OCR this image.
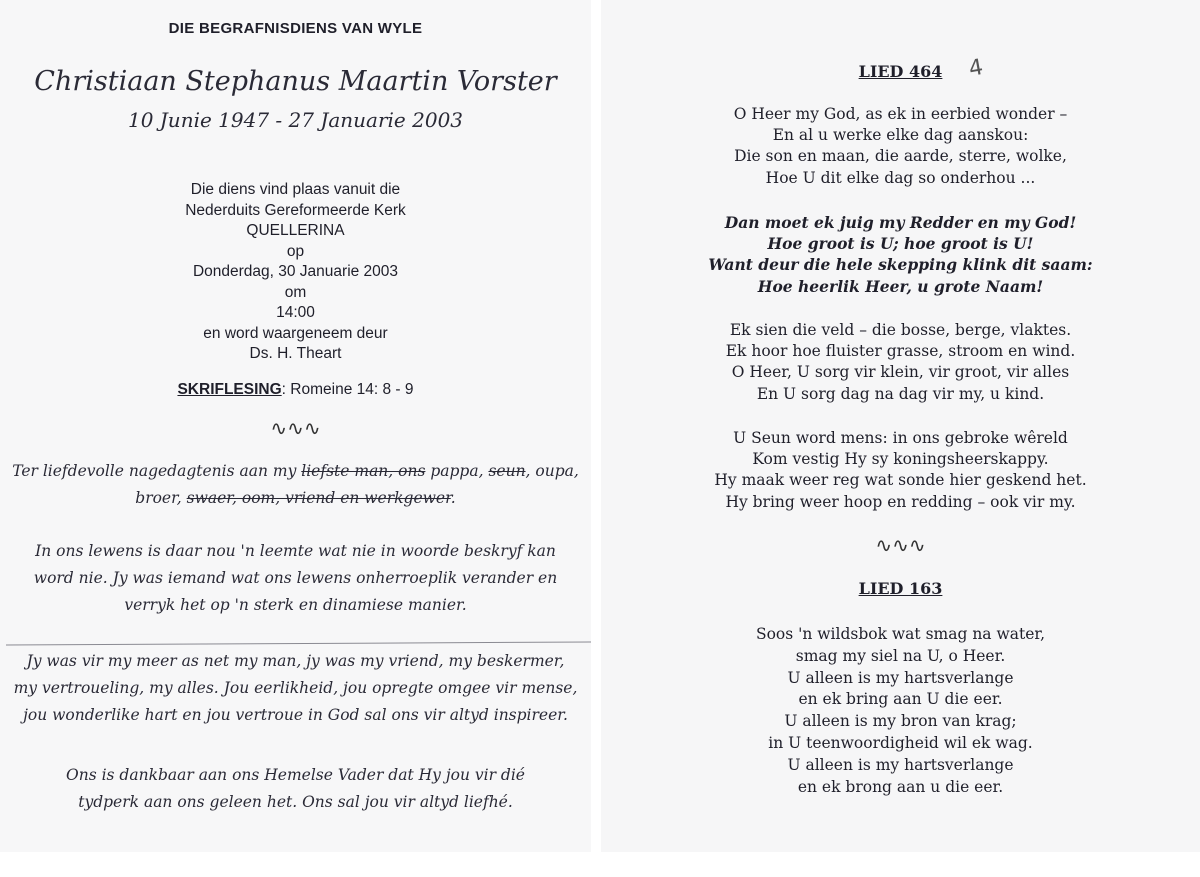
DIE BEGRAFNISDIENS VAN WYLE
Christiaan Stephanus Maartin Vorster
10 Junie 1947 - 27 Januarie 2003
Die diens vind plaas vanuit die
Nederduits Gereformeerde Kerk
QUELLERINA
op
Donderdag, 30 Januarie 2003
om
14:00
en word waargeneem deur
Ds. H. Theart
SKRIFLESING: Romeine 14: 8 - 9
∿∿∿
Ter liefdevolle nagedagtenis aan my liefste man, ons pappa, seun, oupa,
broer, swaer, oom, vriend en werkgewer.
In ons lewens is daar nou 'n leemte wat nie in woorde beskryf kan
word nie. Jy was iemand wat ons lewens onherroeplik verander en
verryk het op 'n sterk en dinamiese manier.
Jy was vir my meer as net my man, jy was my vriend, my beskermer,
my vertroueling, my alles. Jou eerlikheid, jou opregte omgee vir mense,
jou wonderlike hart en jou vertroue in God sal ons vir altyd inspireer.
Ons is dankbaar aan ons Hemelse Vader dat Hy jou vir dié
tydperk aan ons geleen het. Ons sal jou vir altyd liefhé.
LIED 464	4
O Heer my God, as ek in eerbied wonder –
En al u werke elke dag aanskou:
Die son en maan, die aarde, sterre, wolke,
Hoe U dit elke dag so onderhou ...
Dan moet ek juig my Redder en my God!
Hoe groot is U; hoe groot is U!
Want deur die hele skepping klink dit saam:
Hoe heerlik Heer, u grote Naam!
Ek sien die veld – die bosse, berge, vlaktes.
Ek hoor hoe fluister grasse, stroom en wind.
O Heer, U sorg vir klein, vir groot, vir alles
En U sorg dag na dag vir my, u kind.
U Seun word mens: in ons gebroke wêreld
Kom vestig Hy sy koningsheerskappy.
Hy maak weer reg wat sonde hier geskend het.
Hy bring weer hoop en redding – ook vir my.
∿∿∿
LIED 163
Soos 'n wildsbok wat smag na water,
smag my siel na U, o Heer.
U alleen is my hartsverlange
en ek bring aan U die eer.
U alleen is my bron van krag;
in U teenwoordigheid wil ek wag.
U alleen is my hartsverlange
en ek brong aan u die eer.
